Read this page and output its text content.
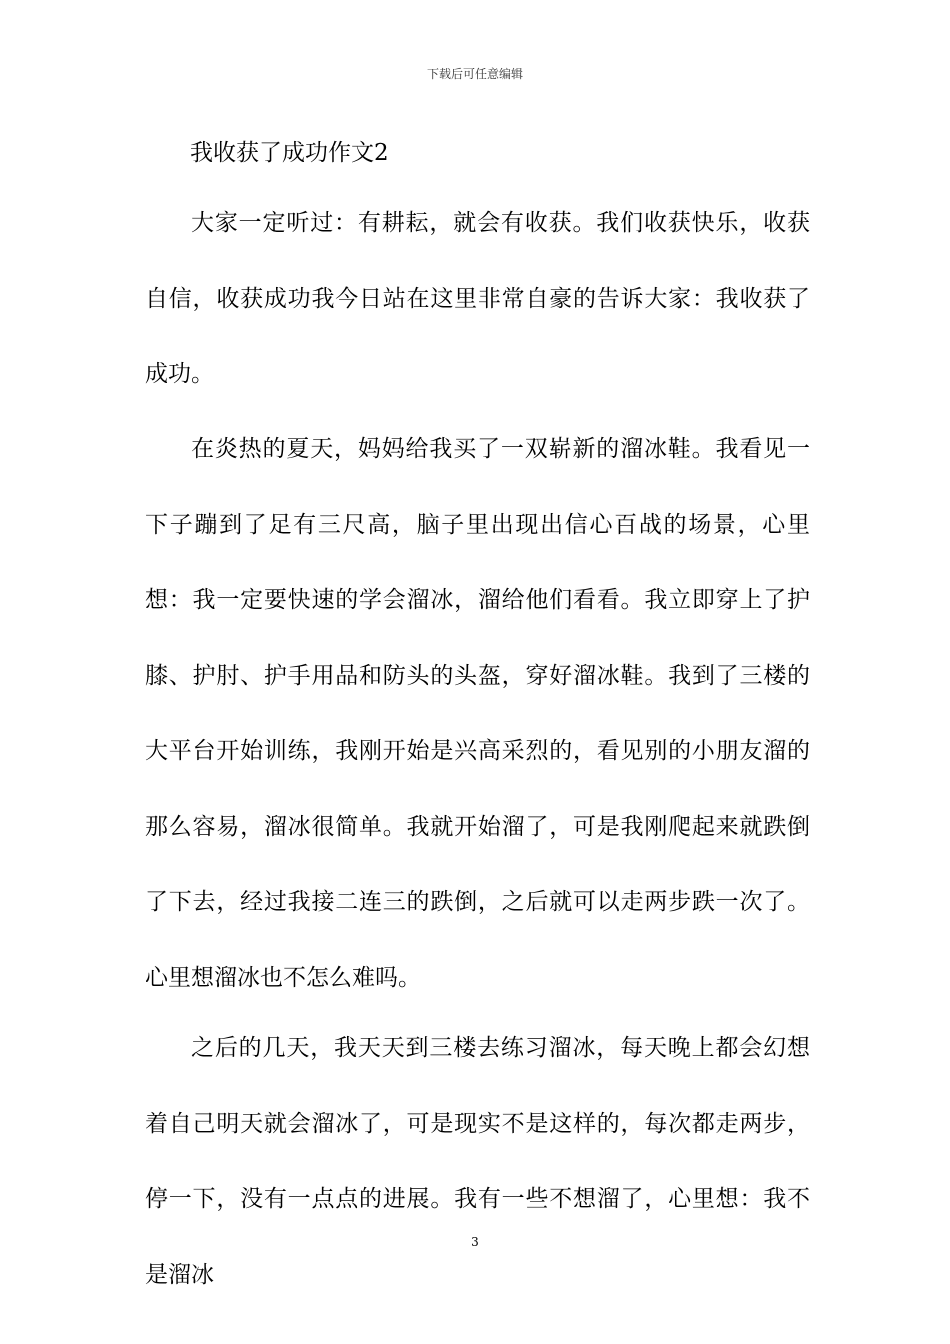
下载后可任意编辑
我收获了成功作文2

大家一定听过：有耕耘，就会有收获。我们收获快乐，收获自信，收获成功我今日站在这里非常自豪的告诉大家：我收获了成功。

在炎热的夏天，妈妈给我买了一双崭新的溜冰鞋。我看见一下子蹦到了足有三尺高，脑子里出现出信心百战的场景，心里想：我一定要快速的学会溜冰，溜给他们看看。我立即穿上了护膝、护肘、护手用品和防头的头盔，穿好溜冰鞋。我到了三楼的大平台开始训练，我刚开始是兴高采烈的，看见别的小朋友溜的那么容易，溜冰很简单。我就开始溜了，可是我刚爬起来就跌倒了下去，经过我接二连三的跌倒，之后就可以走两步跌一次了。心里想溜冰也不怎么难吗。

之后的几天，我天天到三楼去练习溜冰，每天晚上都会幻想着自己明天就会溜冰了，可是现实不是这样的，每次都走两步，停一下，没有一点点的进展。我有一些不想溜了，心里想：我不是溜冰

3
